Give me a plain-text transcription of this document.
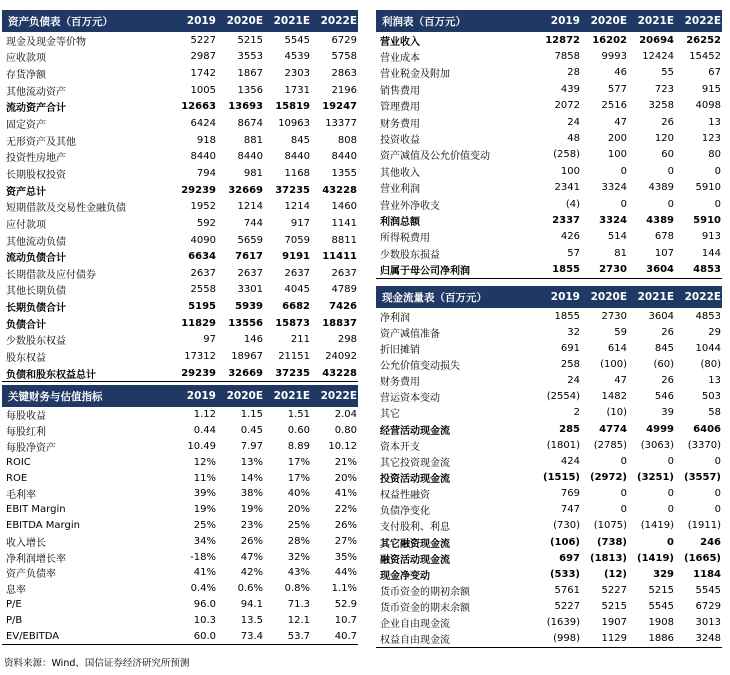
资产负债表（百万元）	2019	2020E	2021E	2022E
现金及现金等价物	5227	5215	5545	6729
应收款项	2987	3553	4539	5758
存货净额	1742	1867	2303	2863
其他流动资产	1005	1356	1731	2196
流动资产合计	12663	13693	15819	19247
固定资产	6424	8674	10963	13377
无形资产及其他	918	881	845	808
投资性房地产	8440	8440	8440	8440
长期股权投资	794	981	1168	1355
资产总计	29239	32669	37235	43228
短期借款及交易性金融负债	1952	1214	1214	1460
应付款项	592	744	917	1141
其他流动负债	4090	5659	7059	8811
流动负债合计	6634	7617	9191	11411
长期借款及应付债券	2637	2637	2637	2637
其他长期负债	2558	3301	4045	4789
长期负债合计	5195	5939	6682	7426
负债合计	11829	13556	15873	18837
少数股东权益	97	146	211	298
股东权益	17312	18967	21151	24092
负债和股东权益总计	29239	32669	37235	43228
利润表（百万元）	2019	2020E	2021E	2022E
营业收入	12872	16202	20694	26252
营业成本	7858	9993	12424	15452
营业税金及附加	28	46	55	67
销售费用	439	577	723	915
管理费用	2072	2516	3258	4098
财务费用	24	47	26	13
投资收益	48	200	120	123
资产减值及公允价值变动	(258)	100	60	80
其他收入	100	0	0	0
营业利润	2341	3324	4389	5910
营业外净收支	(4)	0	0	0
利润总额	2337	3324	4389	5910
所得税费用	426	514	678	913
少数股东损益	57	81	107	144
归属于母公司净利润	1855	2730	3604	4853
关键财务与估值指标	2019	2020E	2021E	2022E
每股收益	1.12	1.15	1.51	2.04
每股红利	0.44	0.45	0.60	0.80
每股净资产	10.49	7.97	8.89	10.12
ROIC	12%	13%	17%	21%
ROE	11%	14%	17%	20%
毛利率	39%	38%	40%	41%
EBIT Margin	19%	19%	20%	22%
EBITDA Margin	25%	23%	25%	26%
收入增长	34%	26%	28%	27%
净利润增长率	-18%	47%	32%	35%
资产负债率	41%	42%	43%	44%
息率	0.4%	0.6%	0.8%	1.1%
P/E	96.0	94.1	71.3	52.9
P/B	10.3	13.5	12.1	10.7
EV/EBITDA	60.0	73.4	53.7	40.7
现金流量表（百万元）	2019	2020E	2021E	2022E
净利润	1855	2730	3604	4853
资产减值准备	32	59	26	29
折旧摊销	691	614	845	1044
公允价值变动损失	258	(100)	(60)	(80)
财务费用	24	47	26	13
营运资本变动	(2554)	1482	546	503
其它	2	(10)	39	58
经营活动现金流	285	4774	4999	6406
资本开支	(1801)	(2785)	(3063)	(3370)
其它投资现金流	424	0	0	0
投资活动现金流	(1515)	(2972)	(3251)	(3557)
权益性融资	769	0	0	0
负债净变化	747	0	0	0
支付股利、利息	(730)	(1075)	(1419)	(1911)
其它融资现金流	(106)	(738)	0	246
融资活动现金流	697	(1813)	(1419)	(1665)
现金净变动	(533)	(12)	329	1184
货币资金的期初余额	5761	5227	5215	5545
货币资金的期末余额	5227	5215	5545	6729
企业自由现金流	(1639)	1907	1908	3013
权益自由现金流	(998)	1129	1886	3248
资料来源：Wind、国信证券经济研究所预测
